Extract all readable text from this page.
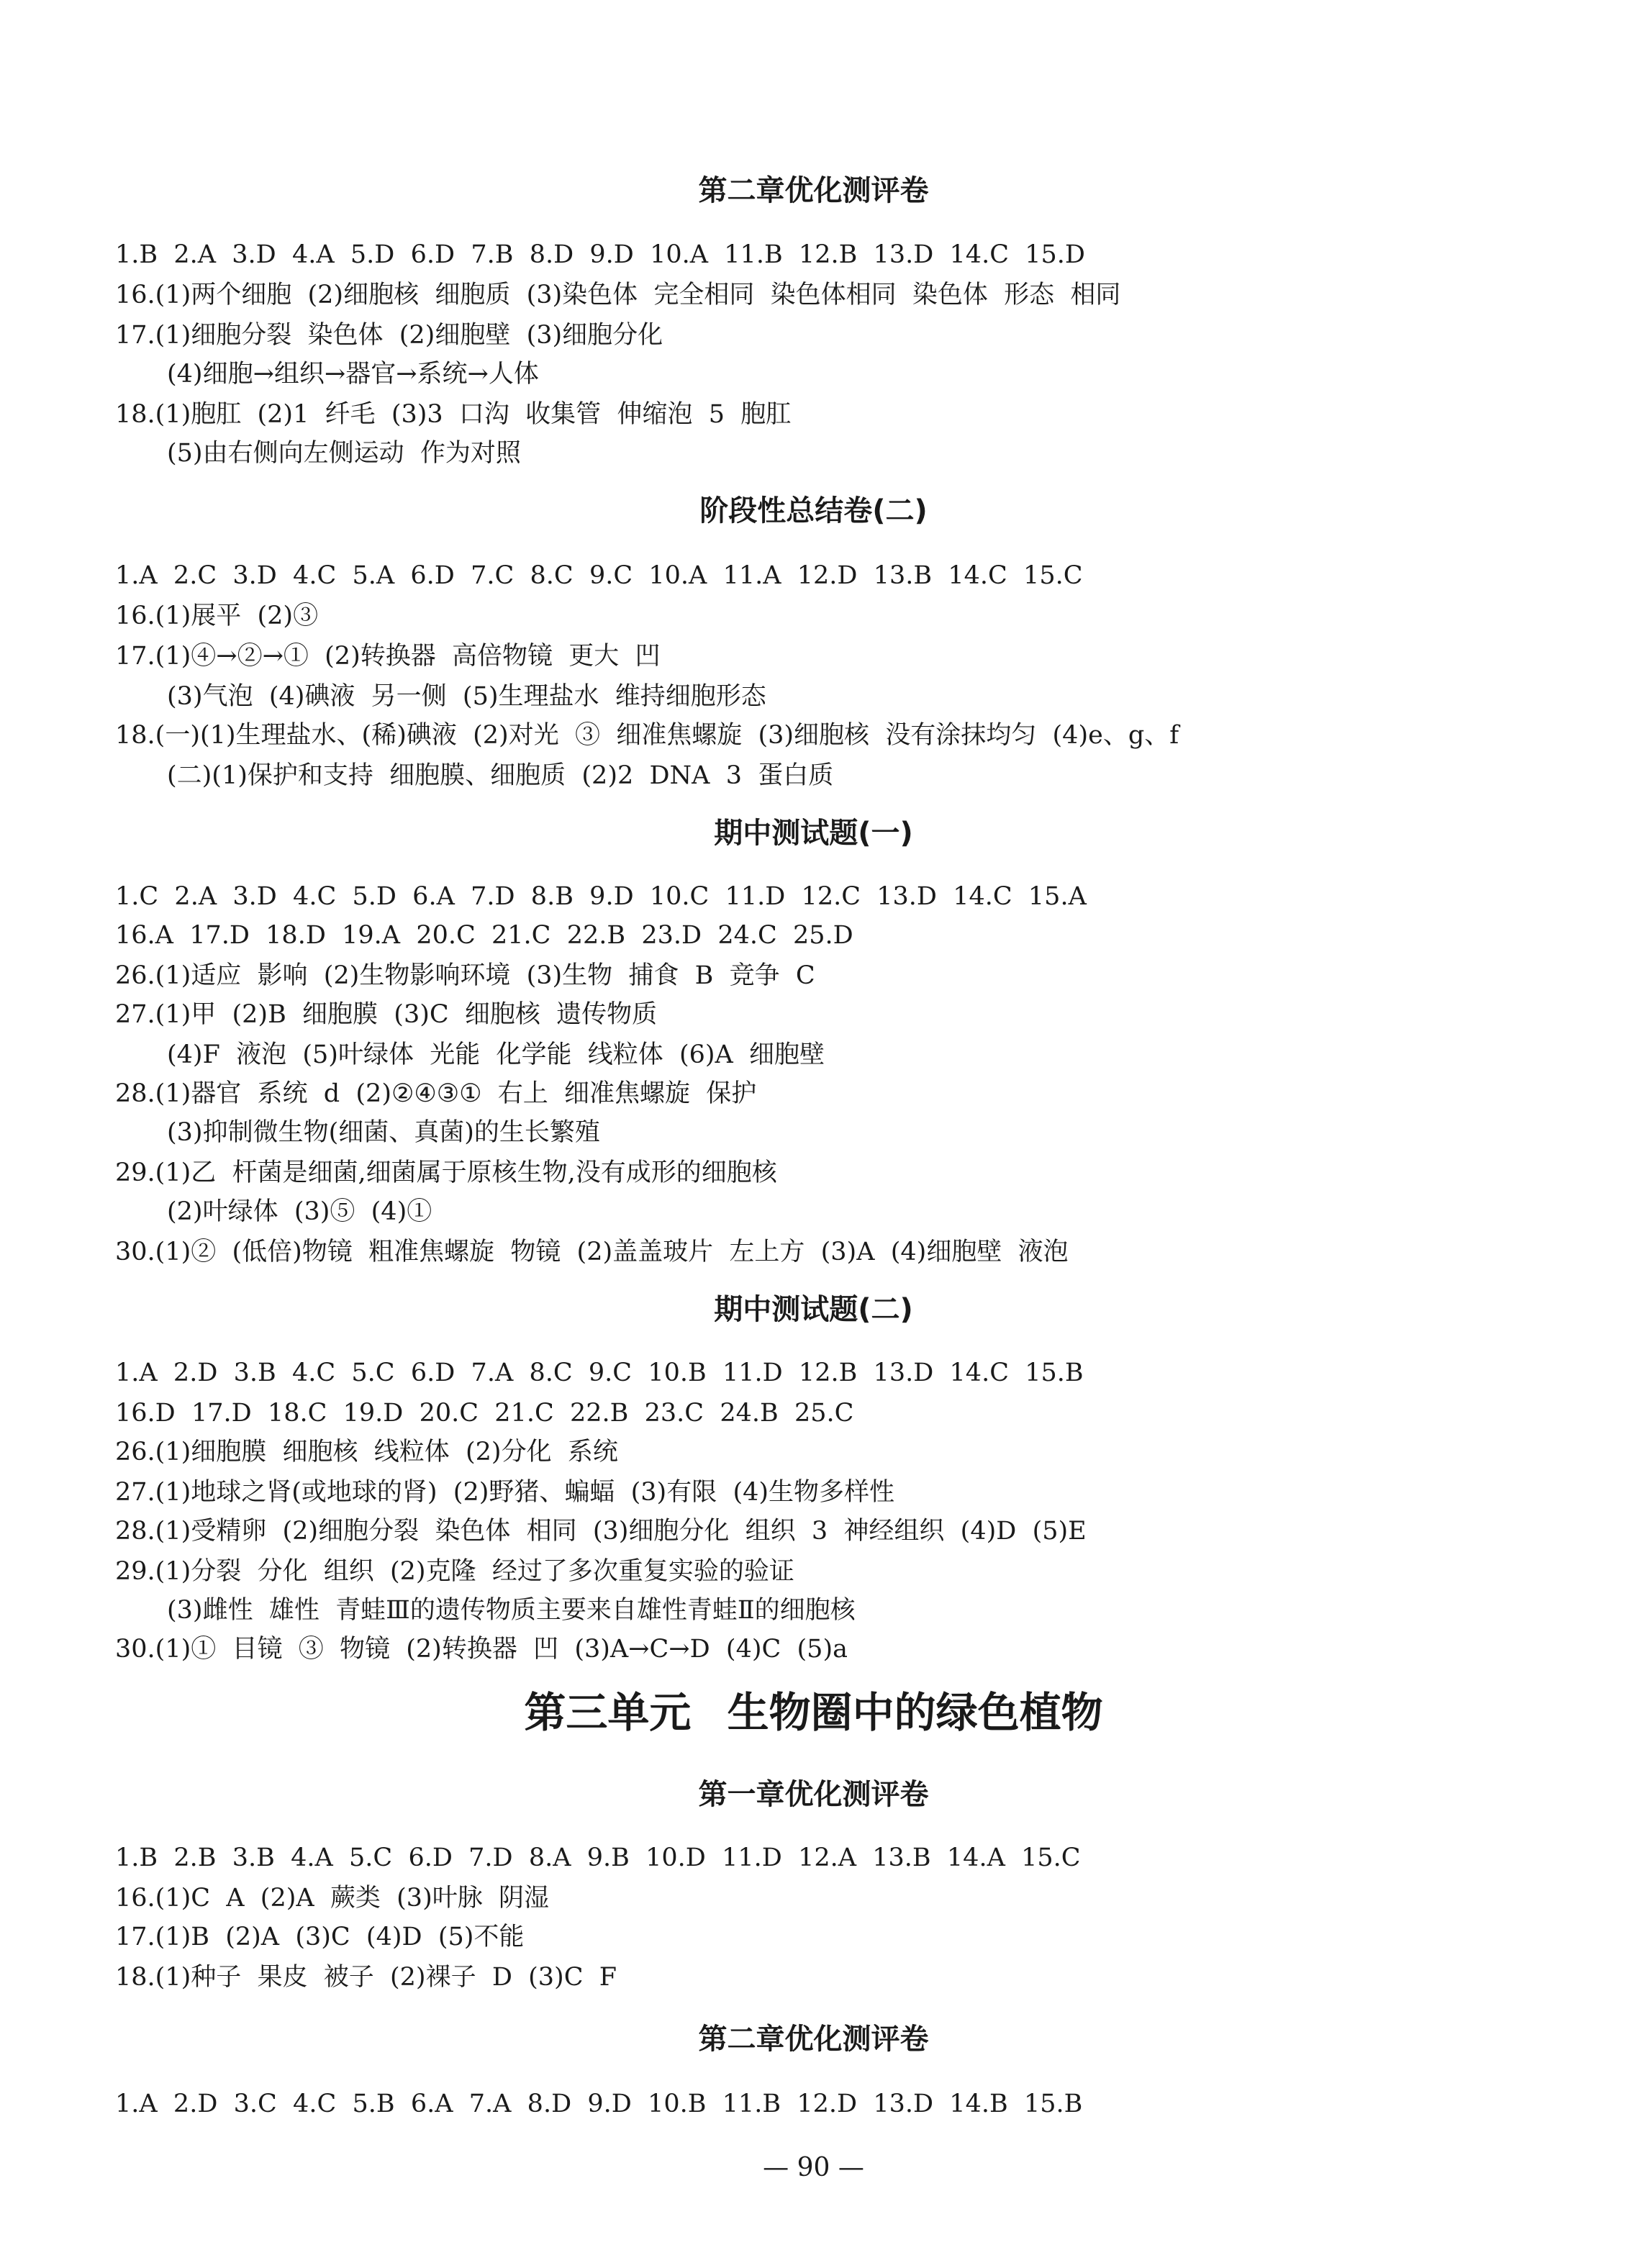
第二章优化测评卷
1.B  2.A  3.D  4.A  5.D  6.D  7.B  8.D  9.D  10.A  11.B  12.B  13.D  14.C  15.D
16.(1)两个细胞  (2)细胞核  细胞质  (3)染色体  完全相同  染色体相同  染色体  形态  相同
17.(1)细胞分裂  染色体  (2)细胞壁  (3)细胞分化
(4)细胞→组织→器官→系统→人体
18.(1)胞肛  (2)1  纤毛  (3)3  口沟  收集管  伸缩泡  5  胞肛
(5)由右侧向左侧运动  作为对照
阶段性总结卷(二)
1.A  2.C  3.D  4.C  5.A  6.D  7.C  8.C  9.C  10.A  11.A  12.D  13.B  14.C  15.C
16.(1)展平  (2)③
17.(1)④→②→①  (2)转换器  高倍物镜  更大  凹
(3)气泡  (4)碘液  另一侧  (5)生理盐水  维持细胞形态
18.(一)(1)生理盐水、(稀)碘液  (2)对光  ③  细准焦螺旋  (3)细胞核  没有涂抹均匀  (4)e、g、f
(二)(1)保护和支持  细胞膜、细胞质  (2)2  DNA  3  蛋白质
期中测试题(一)
1.C  2.A  3.D  4.C  5.D  6.A  7.D  8.B  9.D  10.C  11.D  12.C  13.D  14.C  15.A
16.A  17.D  18.D  19.A  20.C  21.C  22.B  23.D  24.C  25.D
26.(1)适应  影响  (2)生物影响环境  (3)生物  捕食  B  竞争  C
27.(1)甲  (2)B  细胞膜  (3)C  细胞核  遗传物质
(4)F  液泡  (5)叶绿体  光能  化学能  线粒体  (6)A  细胞壁
28.(1)器官  系统  d  (2)②④③①  右上  细准焦螺旋  保护
(3)抑制微生物(细菌、真菌)的生长繁殖
29.(1)乙  杆菌是细菌,细菌属于原核生物,没有成形的细胞核
(2)叶绿体  (3)⑤  (4)①
30.(1)②  (低倍)物镜  粗准焦螺旋  物镜  (2)盖盖玻片  左上方  (3)A  (4)细胞壁  液泡
期中测试题(二)
1.A  2.D  3.B  4.C  5.C  6.D  7.A  8.C  9.C  10.B  11.D  12.B  13.D  14.C  15.B
16.D  17.D  18.C  19.D  20.C  21.C  22.B  23.C  24.B  25.C
26.(1)细胞膜  细胞核  线粒体  (2)分化  系统
27.(1)地球之肾(或地球的肾)  (2)野猪、蝙蝠  (3)有限  (4)生物多样性
28.(1)受精卵  (2)细胞分裂  染色体  相同  (3)细胞分化  组织  3  神经组织  (4)D  (5)E
29.(1)分裂  分化  组织  (2)克隆  经过了多次重复实验的验证
(3)雌性  雄性  青蛙Ⅲ的遗传物质主要来自雄性青蛙Ⅱ的细胞核
30.(1)①  目镜  ③  物镜  (2)转换器  凹  (3)A→C→D  (4)C  (5)a
第三单元 生物圈中的绿色植物
第一章优化测评卷
1.B  2.B  3.B  4.A  5.C  6.D  7.D  8.A  9.B  10.D  11.D  12.A  13.B  14.A  15.C
16.(1)C  A  (2)A  蕨类  (3)叶脉  阴湿
17.(1)B  (2)A  (3)C  (4)D  (5)不能
18.(1)种子  果皮  被子  (2)裸子  D  (3)C  F
第二章优化测评卷
1.A  2.D  3.C  4.C  5.B  6.A  7.A  8.D  9.D  10.B  11.B  12.D  13.D  14.B  15.B
— 90 —
